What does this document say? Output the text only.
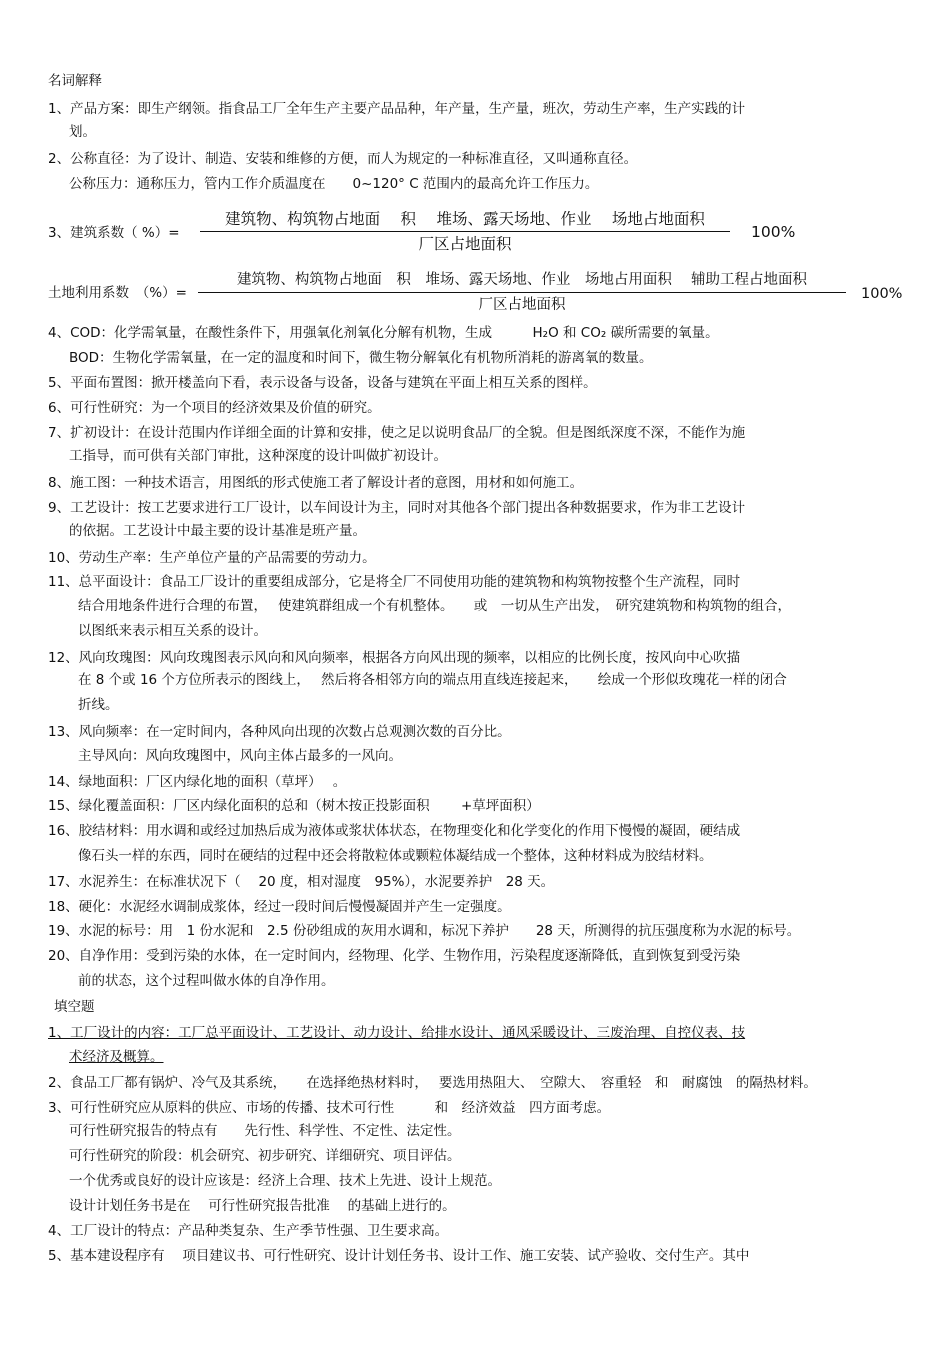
名词解释
1、产品方案：即生产纲领。指食品工厂全年生产主要产品品种，年产量，生产量，班次，劳动生产率，生产实践的计
划。
2、公称直径：为了设计、制造、安装和维修的方便，而人为规定的一种标准直径，又叫通称直径。
公称压力：通称压力，管内工作介质温度在　　0~120° C 范围内的最高允许工作压力。
3、建筑系数（ %）=
建筑物、构筑物占地面　 积　 堆场、露天场地、作业　 场地占地面积
厂区占地面积
100%
土地利用系数　（%）=
建筑物、构筑物占地面　积　堆场、露天场地、作业　场地占用面积　 辅助工程占地面积
厂区占地面积
100%
4、COD：化学需氧量，在酸性条件下，用强氧化剂氧化分解有机物，生成　　　H₂O 和 CO₂ 碳所需要的氧量。
BOD：生物化学需氧量，在一定的温度和时间下，微生物分解氧化有机物所消耗的游离氧的数量。
5、平面布置图：掀开楼盖向下看，表示设备与设备，设备与建筑在平面上相互关系的图样。
6、可行性研究：为一个项目的经济效果及价值的研究。
7、扩初设计：在设计范围内作详细全面的计算和安排，使之足以说明食品厂的全貌。但是图纸深度不深，不能作为施
工指导，而可供有关部门审批，这种深度的设计叫做扩初设计。
8、施工图：一种技术语言，用图纸的形式使施工者了解设计者的意图，用材和如何施工。
9、工艺设计：按工艺要求进行工厂设计，以车间设计为主，同时对其他各个部门提出各种数据要求，作为非工艺设计
的依据。工艺设计中最主要的设计基准是班产量。
10、劳动生产率：生产单位产量的产品需要的劳动力。
11、总平面设计：食品工厂设计的重要组成部分，它是将全厂不同使用功能的建筑物和构筑物按整个生产流程，同时
结合用地条件进行合理的布置，　 使建筑群组成一个有机整体。　　或　一切从生产出发，　研究建筑物和构筑物的组合，
以图纸来表示相互关系的设计。
12、风向玫瑰图：风向玫瑰图表示风向和风向频率，根据各方向风出现的频率，以相应的比例长度，按风向中心吹描
在 8 个或 16 个方位所表示的图线上，　 然后将各相邻方向的端点用直线连接起来，　　绘成一个形似玫瑰花一样的闭合
折线。
13、风向频率：在一定时间内，各种风向出现的次数占总观测次数的百分比。
主导风向：风向玫瑰图中，风向主体占最多的一风向。
14、绿地面积：厂区内绿化地的面积（草坪）　 。
15、绿化覆盖面积：厂区内绿化面积的总和（树木按正投影面积　　 +草坪面积）
16、胶结材料：用水调和或经过加热后成为液体或浆状体状态，在物理变化和化学变化的作用下慢慢的凝固，硬结成
像石头一样的东西，同时在硬结的过程中还会将散粒体或颗粒体凝结成一个整体，这种材料成为胶结材料。
17、水泥养生：在标准状况下（　 20 度，相对湿度　95%），水泥要养护　28 天。
18、硬化：水泥经水调制成浆体，经过一段时间后慢慢凝固并产生一定强度。
19、水泥的标号：用　1 份水泥和　2.5 份砂组成的灰用水调和，标况下养护　　28 天，所测得的抗压强度称为水泥的标号。
20、自净作用：受到污染的水体，在一定时间内，经物理、化学、生物作用，污染程度逐渐降低，直到恢复到受污染
前的状态，这个过程叫做水体的自净作用。
填空题
1、工厂设计的内容：工厂总平面设计、工艺设计、动力设计、给排水设计、通风采暖设计、三废治理、自控仪表、技
术经济及概算。
2、食品工厂都有锅炉、冷气及其系统，　　在选择绝热材料时，　 要选用热阻大、　空隙大、　容重轻　和　耐腐蚀　的隔热材料。
3、可行性研究应从原料的供应、市场的传播、技术可行性　　　和　经济效益　四方面考虑。
可行性研究报告的特点有　　先行性、科学性、不定性、法定性。
可行性研究的阶段：机会研究、初步研究、详细研究、项目评估。
一个优秀或良好的设计应该是：经济上合理、技术上先进、设计上规范。
设计计划任务书是在　 可行性研究报告批准　 的基础上进行的。
4、工厂设计的特点：产品种类复杂、生产季节性强、卫生要求高。
5、基本建设程序有　 项目建议书、可行性研究、设计计划任务书、设计工作、施工安装、试产验收、交付生产。其中
